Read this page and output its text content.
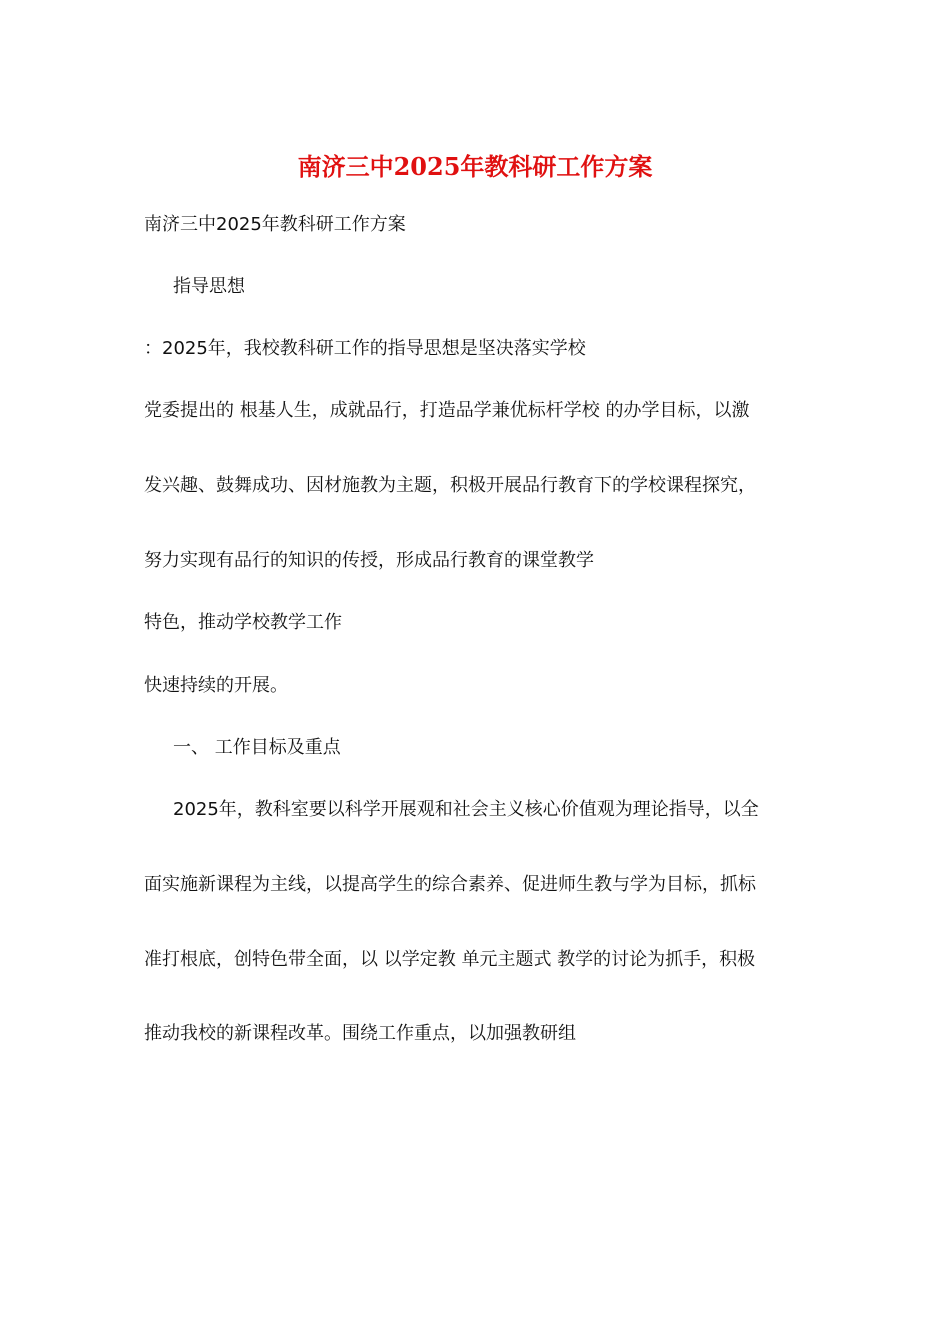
南济三中2025年教科研工作方案
南济三中2025年教科研工作方案
指导思想
：2025年，我校教科研工作的指导思想是坚决落实学校
党委提出的 根基人生，成就品行，打造品学兼优标杆学校 的办学目标，以激
发兴趣、鼓舞成功、因材施教为主题，积极开展品行教育下的学校课程探究，
努力实现有品行的知识的传授，形成品行教育的课堂教学
特色，推动学校教学工作
快速持续的开展。
一、 工作目标及重点
2025年，教科室要以科学开展观和社会主义核心价值观为理论指导，以全
面实施新课程为主线，以提高学生的综合素养、促进师生教与学为目标，抓标
准打根底，创特色带全面，以 以学定教 单元主题式 教学的讨论为抓手，积极
推动我校的新课程改革。围绕工作重点，以加强教研组
